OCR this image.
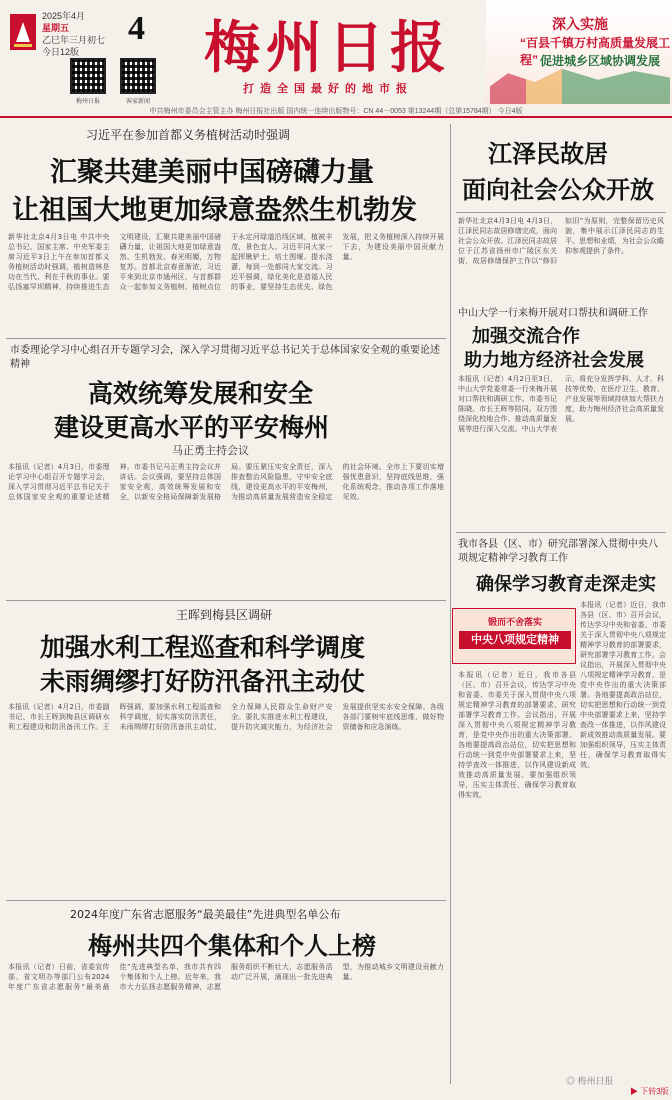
2025年4月
星期五
乙巳年三月初七
今日12版
4
梅州日报	客家新闻
梅州日报
打造全国最好的地市报
深入实施
“百县千镇万村高质量发展工程” 促进城乡区域协调发展
中共梅州市委员会主管主办 梅州日报社出版 国内统一连续出版物号：CN 44－0053 第13244期（总第15784期） 今日4版
习近平在参加首都义务植树活动时强调
汇聚共建美丽中国磅礴力量
让祖国大地更加绿意盎然生机勃发
新华社北京4月3日电 中共中央总书记、国家主席、中央军委主席习近平3日上午在参加首都义务植树活动时强调，植树造林是功在当代、利在千秋的事业。要弘扬塞罕坝精神，持续推进生态文明建设，汇聚共建美丽中国磅礴力量，让祖国大地更加绿意盎然、生机勃发。春光明媚，万物复苏。首都北京春意渐浓，习近平来到北京市通州区，与首都群众一起参加义务植树。植树点位于永定河绿道沿线区域，植被丰茂，景色宜人。习近平同大家一起挥锹铲土、培土围堰、提水浇灌，每到一处都同大家交流。习近平强调，绿化美化是造福人民的事业，要坚持生态优先、绿色发展，把义务植树深入持续开展下去，为建设美丽中国贡献力量。
江泽民故居
面向社会公众开放
新华社北京4月3日电 4月3日，江泽民同志故居修缮完成，面向社会公众开放。江泽民同志故居位于江苏省扬州市广陵区东关街，故居修缮保护工作以“修旧如旧”为原则，完整保留历史风貌，集中展示江泽民同志的生平、思想和业绩，为社会公众瞻仰参观提供了条件。
中山大学一行来梅开展对口帮扶和调研工作
加强交流合作
助力地方经济社会发展
本报讯（记者）4月2日至3日，中山大学党委常委一行来梅开展对口帮扶和调研工作。市委书记陈晓、市长王晖等陪同。双方围绕深化校地合作、推动高质量发展等进行深入交流。中山大学表示，将充分发挥学科、人才、科技等优势，在医疗卫生、教育、产业发展等领域持续加大帮扶力度，助力梅州经济社会高质量发展。
市委理论学习中心组召开专题学习会，深入学习贯彻习近平总书记关于总体国家安全观的重要论述精神
高效统筹发展和安全
建设更高水平的平安梅州
马正勇主持会议
本报讯（记者）4月3日，市委理论学习中心组召开专题学习会，深入学习贯彻习近平总书记关于总体国家安全观的重要论述精神。市委书记马正勇主持会议并讲话。会议强调，要坚持总体国家安全观，高效统筹发展和安全，以新安全格局保障新发展格局。要压紧压实安全责任，深入排查整治风险隐患，守牢安全底线，建设更高水平的平安梅州，为推动高质量发展营造安全稳定的社会环境。全市上下要切实增强忧患意识，坚持底线思维，强化系统观念，推动各项工作落地见效。
我市各县（区、市）研究部署深入贯彻中央八项规定精神学习教育工作
确保学习教育走深走实
锻而不舍落实
中央八项规定精神
本报讯（记者）近日，我市各县（区、市）召开会议，传达学习中央和省委、市委关于深入贯彻中央八项规定精神学习教育的部署要求，研究部署学习教育工作。会议指出，开展深入贯彻中央八项规定精神学习教育，是党中央作出的重大决策部署。各地要提高政治站位，切实把思想和行动统一到党中央部署要求上来，坚持学查改一体推进，以作风建设新成效推动高质量发展。要加强组织领导，压实主体责任，确保学习教育取得实效。
本报讯（记者）近日，我市各县（区、市）召开会议，传达学习中央和省委、市委关于深入贯彻中央八项规定精神学习教育的部署要求，研究部署学习教育工作。会议指出，开展深入贯彻中央八项规定精神学习教育，是党中央作出的重大决策部署。各地要提高政治站位，切实把思想和行动统一到党中央部署要求上来，坚持学查改一体推进，以作风建设新成效推动高质量发展。要加强组织领导，压实主体责任，确保学习教育取得实效。
王晖到梅县区调研
加强水利工程巡查和科学调度
未雨绸缪打好防汛备汛主动仗
本报讯（记者）4月2日，市委副书记、市长王晖到梅县区调研水利工程建设和防汛备汛工作。王晖强调，要加强水利工程巡查和科学调度，切实落实防汛责任，未雨绸缪打好防汛备汛主动仗，全力保障人民群众生命财产安全。要扎实推进水利工程建设，提升防灾减灾能力，为经济社会发展提供坚实水安全保障。各级各部门要树牢底线思维，做好物资储备和应急演练。
2024年度广东省志愿服务“最美最佳”先进典型名单公布
梅州共四个集体和个人上榜
本报讯（记者）日前，省委宣传部、省文明办等部门公布2024年度广东省志愿服务“最美最佳”先进典型名单，我市共有四个集体和个人上榜。近年来，我市大力弘扬志愿服务精神，志愿服务组织不断壮大，志愿服务活动广泛开展，涌现出一批先进典型，为推动城乡文明建设贡献力量。
◎ 梅州日报
▶ 下转3版
